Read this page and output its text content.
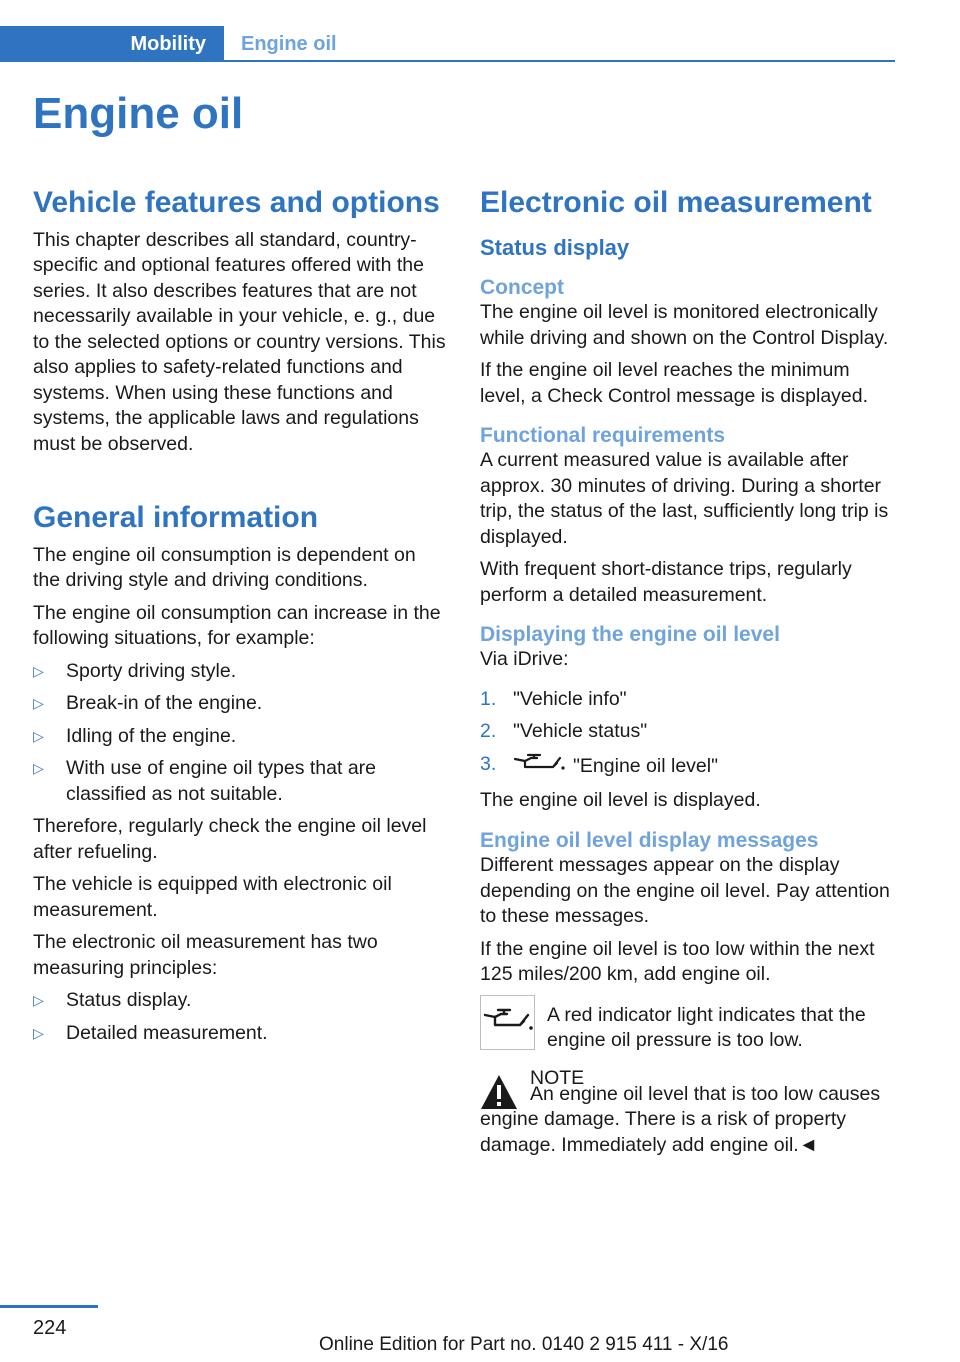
Mobility Engine oil
Engine oil
Vehicle features and options

This chapter describes all standard, country-specific and optional features offered with the series. It also describes features that are not necessarily available in your vehicle, e. g., due to the selected options or country versions. This also applies to safety-related functions and systems. When using these functions and systems, the applicable laws and regulations must be observed.

General information

The engine oil consumption is dependent on the driving style and driving conditions.

The engine oil consumption can increase in the following situations, for example:

▷ Sporty driving style.
▷ Break-in of the engine.
▷ Idling of the engine.
▷ With use of engine oil types that are classified as not suitable.

Therefore, regularly check the engine oil level after refueling.

The vehicle is equipped with electronic oil measurement.

The electronic oil measurement has two measuring principles:

▷ Status display.
▷ Detailed measurement.
Electronic oil measurement
Status display
Concept

The engine oil level is monitored electronically while driving and shown on the Control Display.

If the engine oil level reaches the minimum level, a Check Control message is displayed.

Functional requirements

A current measured value is available after approx. 30 minutes of driving. During a shorter trip, the status of the last, sufficiently long trip is displayed.

With frequent short-distance trips, regularly perform a detailed measurement.

Displaying the engine oil level

Via iDrive:

1. "Vehicle info"
2. "Vehicle status"
3.	"Engine oil level"

The engine oil level is displayed.

Engine oil level display messages

Different messages appear on the display depending on the engine oil level. Pay attention to these messages.

If the engine oil level is too low within the next 125 miles/200 km, add engine oil.

A red indicator light indicates that the engine oil pressure is too low.

NOTE

An engine oil level that is too low causes engine damage. There is a risk of property damage. Immediately add engine oil.◄

224
Online Edition for Part no. 0140 2 915 411 - X/16
